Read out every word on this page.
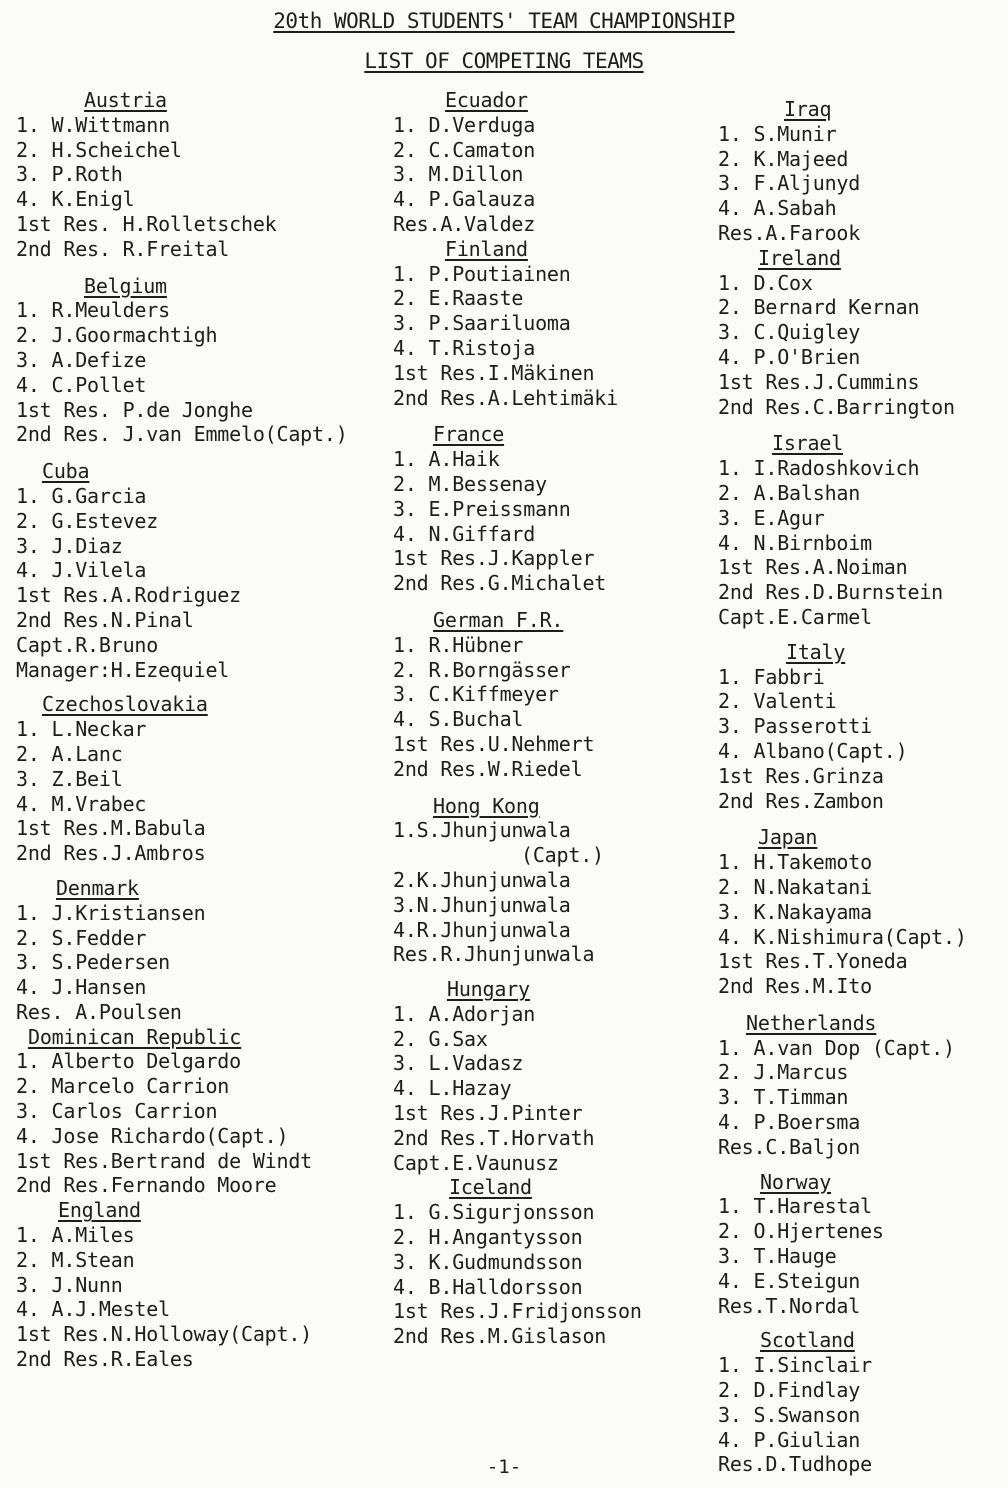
20th WORLD STUDENTS' TEAM CHAMPIONSHIP
LIST OF COMPETING TEAMS
Austria
1. W.Wittmann
2. H.Scheichel
3. P.Roth
4. K.Enigl
1st Res. H.Rolletschek
2nd Res. R.Freital
Belgium
1. R.Meulders
2. J.Goormachtigh
3. A.Defize
4. C.Pollet
1st Res. P.de Jonghe
2nd Res. J.van Emmelo(Capt.)
Cuba
1. G.Garcia
2. G.Estevez
3. J.Diaz
4. J.Vilela
1st Res.A.Rodriguez
2nd Res.N.Pinal
Capt.R.Bruno
Manager:H.Ezequiel
Czechoslovakia
1. L.Neckar
2. A.Lanc
3. Z.Beil
4. M.Vrabec
1st Res.M.Babula
2nd Res.J.Ambros
Denmark
1. J.Kristiansen
2. S.Fedder
3. S.Pedersen
4. J.Hansen
Res. A.Poulsen
Dominican Republic
1. Alberto Delgardo
2. Marcelo Carrion
3. Carlos Carrion
4. Jose Richardo(Capt.)
1st Res.Bertrand de Windt
2nd Res.Fernando Moore
England
1. A.Miles
2. M.Stean
3. J.Nunn
4. A.J.Mestel
1st Res.N.Holloway(Capt.)
2nd Res.R.Eales
Ecuador
1. D.Verduga
2. C.Camaton
3. M.Dillon
4. P.Galauza
Res.A.Valdez
Finland
1. P.Poutiainen
2. E.Raaste
3. P.Saariluoma
4. T.Ristoja
1st Res.I.Mäkinen
2nd Res.A.Lehtimäki
France
1. A.Haik
2. M.Bessenay
3. E.Preissmann
4. N.Giffard
1st Res.J.Kappler
2nd Res.G.Michalet
German F.R.
1. R.Hübner
2. R.Borngässer
3. C.Kiffmeyer
4. S.Buchal
1st Res.U.Nehmert
2nd Res.W.Riedel
Hong Kong
1.S.Jhunjunwala
(Capt.)
2.K.Jhunjunwala
3.N.Jhunjunwala
4.R.Jhunjunwala
Res.R.Jhunjunwala
Hungary
1. A.Adorjan
2. G.Sax
3. L.Vadasz
4. L.Hazay
1st Res.J.Pinter
2nd Res.T.Horvath
Capt.E.Vaunusz
Iceland
1. G.Sigurjonsson
2. H.Angantysson
3. K.Gudmundsson
4. B.Halldorsson
1st Res.J.Fridjonsson
2nd Res.M.Gislason
Iraq
1. S.Munir
2. K.Majeed
3. F.Aljunyd
4. A.Sabah
Res.A.Farook
Ireland
1. D.Cox
2. Bernard Kernan
3. C.Quigley
4. P.O'Brien
1st Res.J.Cummins
2nd Res.C.Barrington
Israel
1. I.Radoshkovich
2. A.Balshan
3. E.Agur
4. N.Birnboim
1st Res.A.Noiman
2nd Res.D.Burnstein
Capt.E.Carmel
Italy
1. Fabbri
2. Valenti
3. Passerotti
4. Albano(Capt.)
1st Res.Grinza
2nd Res.Zambon
Japan
1. H.Takemoto
2. N.Nakatani
3. K.Nakayama
4. K.Nishimura(Capt.)
1st Res.T.Yoneda
2nd Res.M.Ito
Netherlands
1. A.van Dop (Capt.)
2. J.Marcus
3. T.Timman
4. P.Boersma
Res.C.Baljon
Norway
1. T.Harestal
2. O.Hjertenes
3. T.Hauge
4. E.Steigun
Res.T.Nordal
Scotland
1. I.Sinclair
2. D.Findlay
3. S.Swanson
4. P.Giulian
Res.D.Tudhope
-1-
